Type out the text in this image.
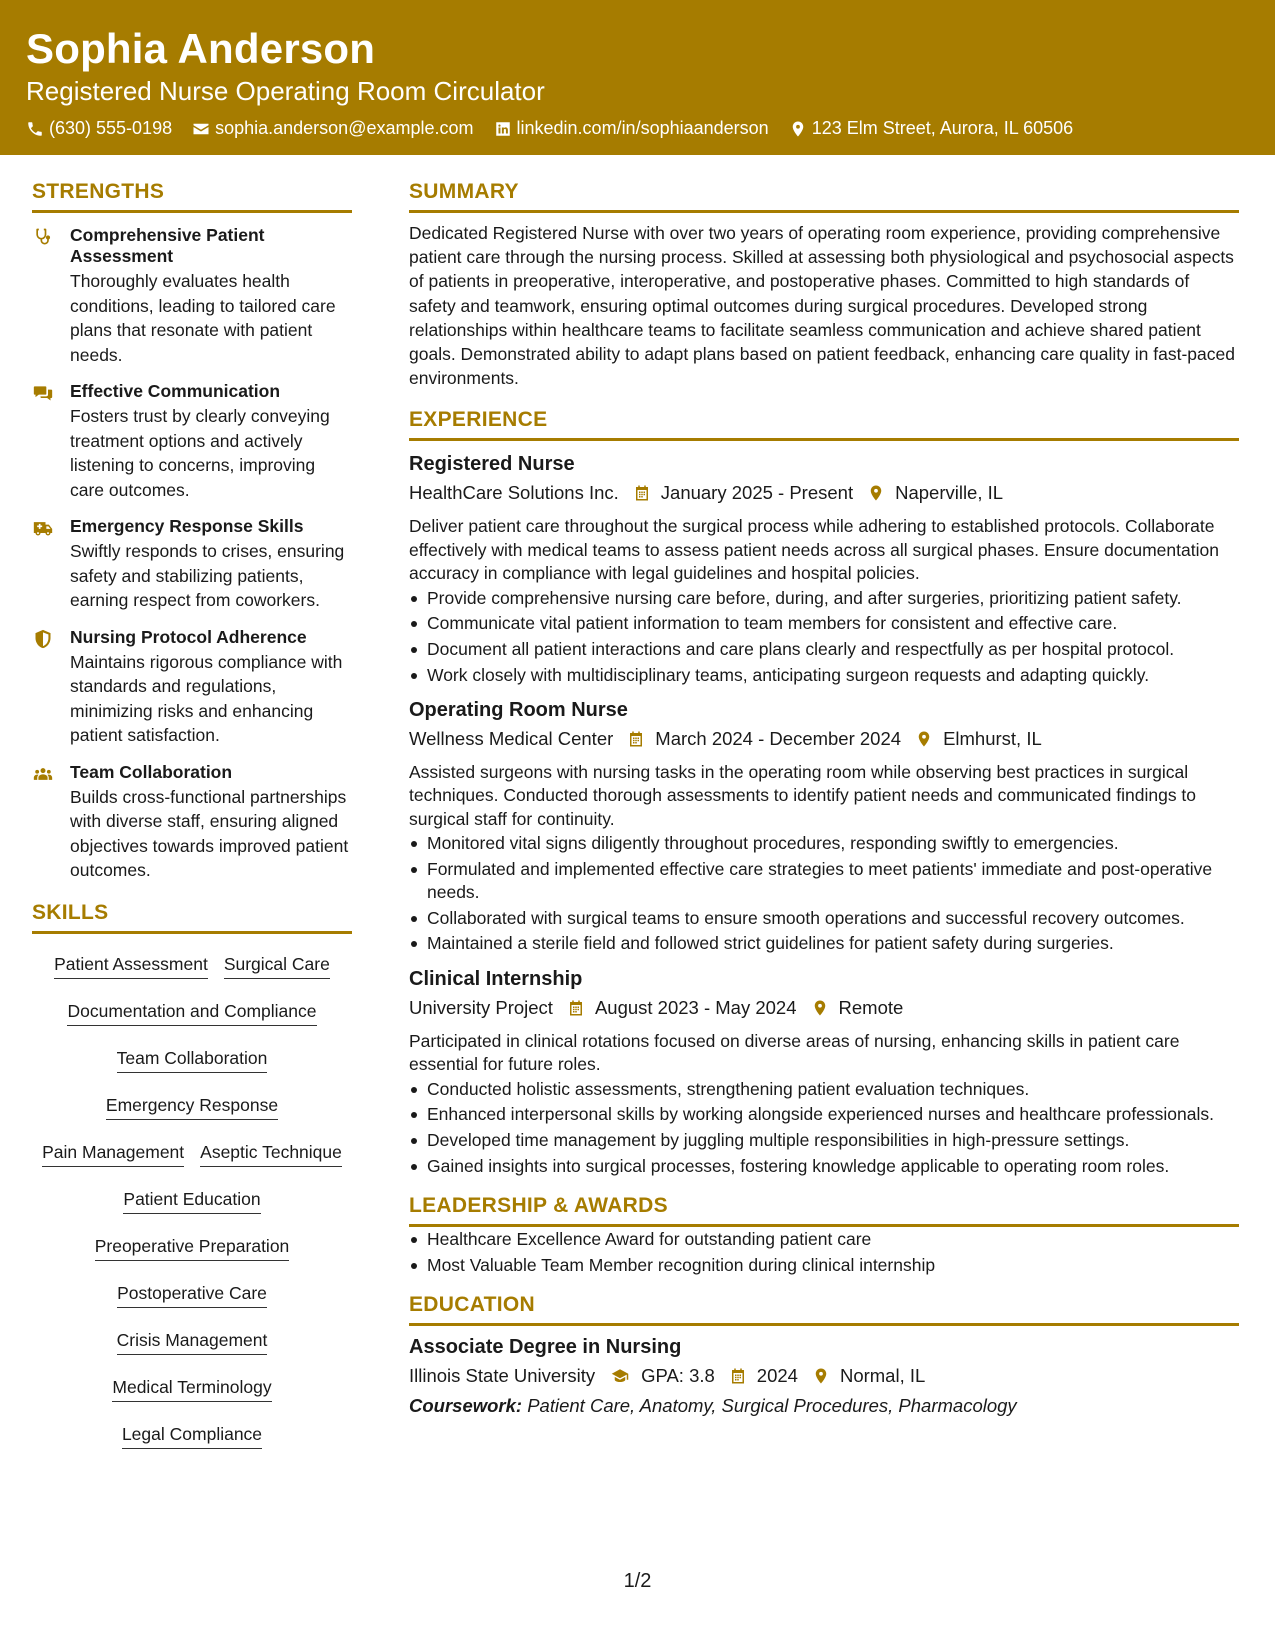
Sophia Anderson
Registered Nurse Operating Room Circulator
(630) 555-0198 sophia.anderson@example.com linkedin.com/in/sophiaanderson 123 Elm Street, Aurora, IL 60506
STRENGTHS
Comprehensive Patient Assessment
Thoroughly evaluates health conditions, leading to tailored care plans that resonate with patient needs.
Effective Communication
Fosters trust by clearly conveying treatment options and actively listening to concerns, improving care outcomes.
Emergency Response Skills
Swiftly responds to crises, ensuring safety and stabilizing patients, earning respect from coworkers.
Nursing Protocol Adherence
Maintains rigorous compliance with standards and regulations, minimizing risks and enhancing patient satisfaction.
Team Collaboration
Builds cross-functional partnerships with diverse staff, ensuring aligned objectives towards improved patient outcomes.
SKILLS
Patient Assessment Surgical Care
Documentation and Compliance
Team Collaboration
Emergency Response
Pain Management Aseptic Technique
Patient Education
Preoperative Preparation
Postoperative Care
Crisis Management
Medical Terminology
Legal Compliance
SUMMARY
Dedicated Registered Nurse with over two years of operating room experience, providing comprehensive patient care through the nursing process. Skilled at assessing both physiological and psychosocial aspects of patients in preoperative, interoperative, and postoperative phases. Committed to high standards of safety and teamwork, ensuring optimal outcomes during surgical procedures. Developed strong relationships within healthcare teams to facilitate seamless communication and achieve shared patient goals. Demonstrated ability to adapt plans based on patient feedback, enhancing care quality in fast-paced environments.
EXPERIENCE
Registered Nurse
HealthCare Solutions Inc. January 2025 - Present Naperville, IL
Deliver patient care throughout the surgical process while adhering to established protocols. Collaborate effectively with medical teams to assess patient needs across all surgical phases. Ensure documentation accuracy in compliance with legal guidelines and hospital policies.
Provide comprehensive nursing care before, during, and after surgeries, prioritizing patient safety.
Communicate vital patient information to team members for consistent and effective care.
Document all patient interactions and care plans clearly and respectfully as per hospital protocol.
Work closely with multidisciplinary teams, anticipating surgeon requests and adapting quickly.
Operating Room Nurse
Wellness Medical Center March 2024 - December 2024 Elmhurst, IL
Assisted surgeons with nursing tasks in the operating room while observing best practices in surgical techniques. Conducted thorough assessments to identify patient needs and communicated findings to surgical staff for continuity.
Monitored vital signs diligently throughout procedures, responding swiftly to emergencies.
Formulated and implemented effective care strategies to meet patients' immediate and post-operative needs.
Collaborated with surgical teams to ensure smooth operations and successful recovery outcomes.
Maintained a sterile field and followed strict guidelines for patient safety during surgeries.
Clinical Internship
University Project August 2023 - May 2024 Remote
Participated in clinical rotations focused on diverse areas of nursing, enhancing skills in patient care essential for future roles.
Conducted holistic assessments, strengthening patient evaluation techniques.
Enhanced interpersonal skills by working alongside experienced nurses and healthcare professionals.
Developed time management by juggling multiple responsibilities in high-pressure settings.
Gained insights into surgical processes, fostering knowledge applicable to operating room roles.
LEADERSHIP & AWARDS
Healthcare Excellence Award for outstanding patient care
Most Valuable Team Member recognition during clinical internship
EDUCATION
Associate Degree in Nursing
Illinois State University GPA: 3.8 2024 Normal, IL
Coursework: Patient Care, Anatomy, Surgical Procedures, Pharmacology
1/2
